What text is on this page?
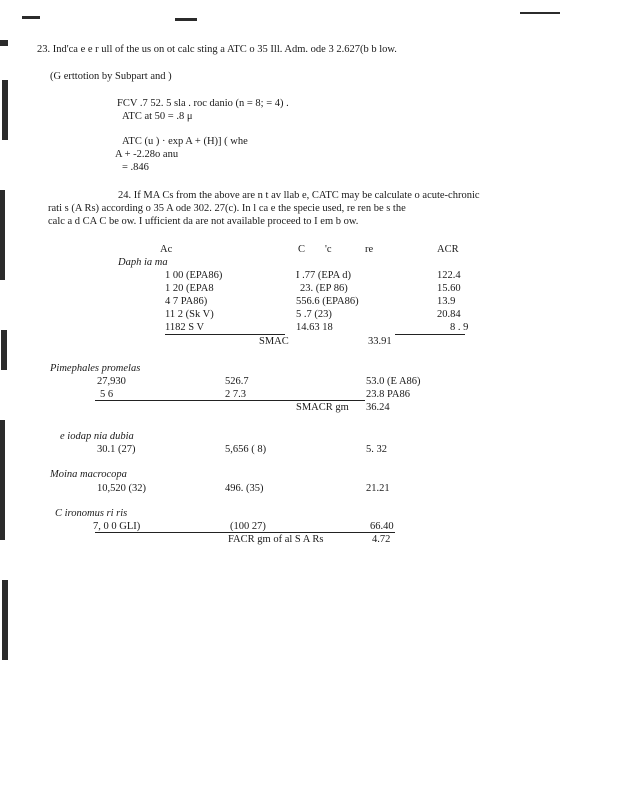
23. Ind'ca e e r ull of the us on ot calc sting a ATC o 35 Ill. Adm. ode 3 2.627(b b low.
(G erttotion by Subpart and )
FCV .7 52. 5 sla . roc danio (n = 8; = 4) .
ATC at 50 = .8 μ
ATC (u ) · exp A + (H)] ( whe
A + -2.28o anu
= .846
24. If MA Cs from the above are n t av llab e, CATC may be calculate o acute-chronic
rati s (A Rs) according o 35 A ode 302. 27(c). In l ca e the specie used, re ren be s the
calc a d CA C be ow. I ufficient da are not available proceed to I em b ow.
Ac	C 'c	re	ACR
Daph ia ma
1 00 (EPA86)	I .77 (EPA d)	122.4
1 20 (EPA8	23. (EP 86)	15.60
4 7 PA86)	556.6 (EPA86)	13.9
11 2 (Sk V)	5 .7 (23)	20.84
1182 S V	14.63 18	8 . 9
SMAC	33.91
Pimephales promelas
27,930	526.7	53.0 (E A86)
5 6	2 7.3	23.8 PA86
SMACR gm 36.24
e iodap nia dubia
30.1 (27)	5,656 ( 8)	5. 32
Moina macrocopa
10,520 (32)	496. (35)	21.21
C ironomus ri ris
7, 0 0 GLI)	(100 27)	66.40
FACR gm of al S A Rs	4.72
